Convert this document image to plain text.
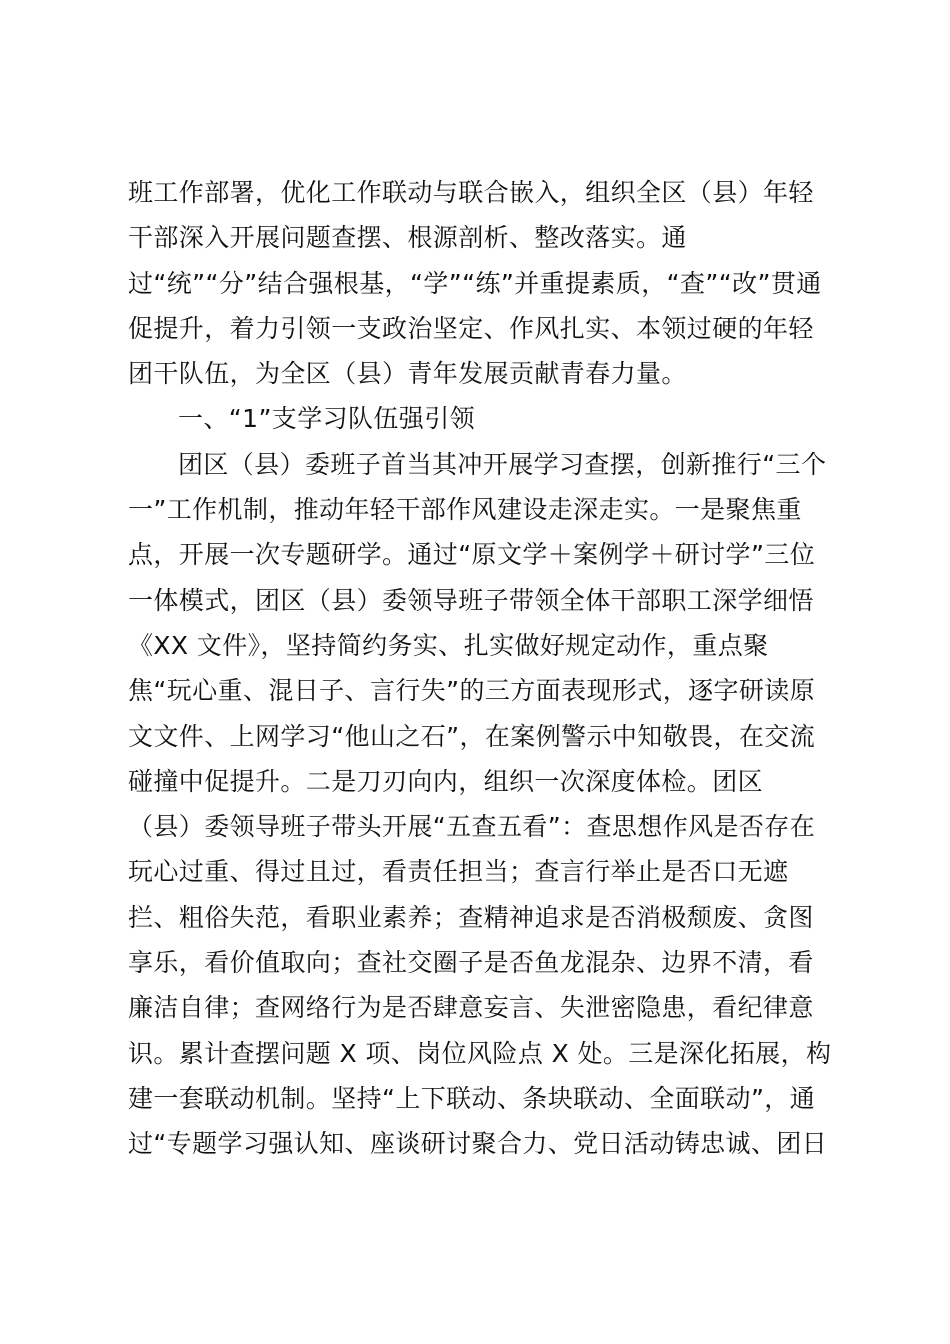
班工作部署，优化工作联动与联合嵌入，组织全区（县）年轻
干部深入开展问题查摆、根源剖析、整改落实。通
过“统”“分”结合强根基，“学”“练”并重提素质，“查”“改”贯通
促提升，着力引领一支政治坚定、作风扎实、本领过硬的年轻
团干队伍，为全区（县）青年发展贡献青春力量。
一、“1”支学习队伍强引领
团区（县）委班子首当其冲开展学习查摆，创新推行“三个
一”工作机制，推动年轻干部作风建设走深走实。一是聚焦重
点，开展一次专题研学。通过“原文学＋案例学＋研讨学”三位
一体模式，团区（县）委领导班子带领全体干部职工深学细悟
《XX 文件》，坚持简约务实、扎实做好规定动作，重点聚
焦“玩心重、混日子、言行失”的三方面表现形式，逐字研读原
文文件、上网学习“他山之石”，在案例警示中知敬畏，在交流
碰撞中促提升。二是刀刃向内，组织一次深度体检。团区
（县）委领导班子带头开展“五查五看”：查思想作风是否存在
玩心过重、得过且过，看责任担当；查言行举止是否口无遮
拦、粗俗失范，看职业素养；查精神追求是否消极颓废、贪图
享乐，看价值取向；查社交圈子是否鱼龙混杂、边界不清，看
廉洁自律；查网络行为是否肆意妄言、失泄密隐患，看纪律意
识。累计查摆问题 X 项、岗位风险点 X 处。三是深化拓展，构
建一套联动机制。坚持“上下联动、条块联动、全面联动”，通
过“专题学习强认知、座谈研讨聚合力、党日活动铸忠诚、团日
